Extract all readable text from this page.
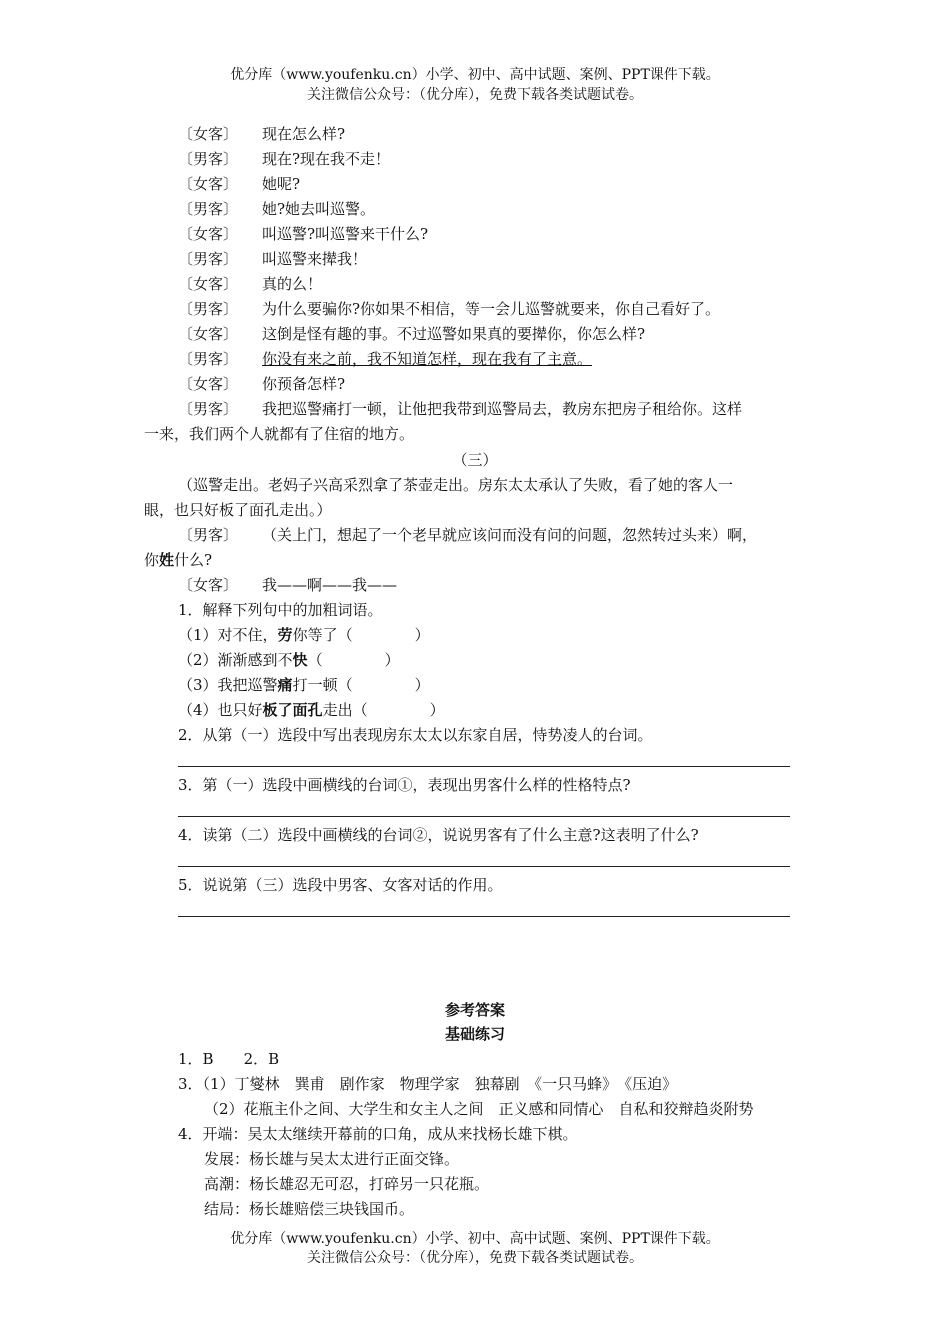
优分库（www.youfenku.cn）小学、初中、高中试题、案例、PPT课件下载。
关注微信公众号：（优分库），免费下载各类试题试卷。
〔女客〕 现在怎么样?
〔男客〕 现在?现在我不走！
〔女客〕 她呢?
〔男客〕 她?她去叫巡警。
〔女客〕 叫巡警?叫巡警来干什么?
〔男客〕 叫巡警来撵我！
〔女客〕 真的么！
〔男客〕 为什么要骗你?你如果不相信，等一会儿巡警就要来，你自己看好了。
〔女客〕 这倒是怪有趣的事。不过巡警如果真的要撵你，你怎么样?
〔男客〕 你没有来之前，我不知道怎样，现在我有了主意。
〔女客〕 你预备怎样?
〔男客〕 我把巡警痛打一顿，让他把我带到巡警局去，教房东把房子租给你。这样
一来，我们两个人就都有了住宿的地方。
（三）
（巡警走出。老妈子兴高采烈拿了茶壶走出。房东太太承认了失败，看了她的客人一
眼，也只好板了面孔走出。）
〔男客〕 （关上门，想起了一个老早就应该问而没有问的问题，忽然转过头来）啊，
你姓什么?
〔女客〕 我——啊——我——
1．解释下列句中的加粗词语。
（1）对不住，劳你等了（	）
（2）渐渐感到不快（	）
（3）我把巡警痛打一顿（	）
（4）也只好板了面孔走出（	）
2．从第（一）选段中写出表现房东太太以东家自居，恃势凌人的台词。
3．第（一）选段中画横线的台词①，表现出男客什么样的性格特点?
4．读第（二）选段中画横线的台词②，说说男客有了什么主意?这表明了什么?
5．说说第（三）选段中男客、女客对话的作用。
参考答案
基础练习
1．B　　2．B
3．（1）丁燮林　巽甫　剧作家　物理学家　独幕剧　《一只马蜂》　《压迫》
（2）花瓶主仆之间、大学生和女主人之间　正义感和同情心　自私和狡辩趋炎附势
4．开端：吴太太继续开幕前的口角，成从来找杨长雄下棋。
发展：杨长雄与吴太太进行正面交锋。
高潮：杨长雄忍无可忍，打碎另一只花瓶。
结局：杨长雄赔偿三块钱国币。
优分库（www.youfenku.cn）小学、初中、高中试题、案例、PPT课件下载。
关注微信公众号：（优分库），免费下载各类试题试卷。
